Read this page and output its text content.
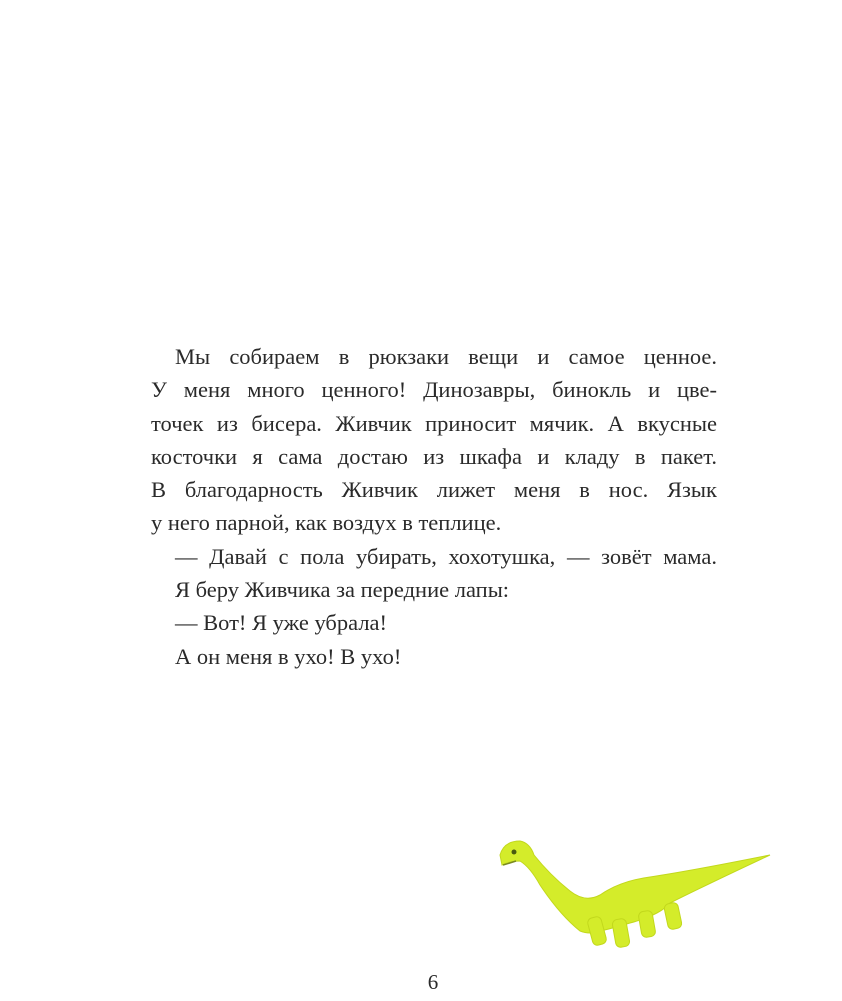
Мы собираем в рюкзаки вещи и самое ценное.
У меня много ценного! Динозавры, бинокль и цве-
точек из бисера. Живчик приносит мячик. А вкусные
косточки я сама достаю из шкафа и кладу в пакет.
В благодарность Живчик лижет меня в нос. Язык
у него парной, как воздух в теплице.
— Давай с пола убирать, хохотушка, — зовёт мама.
Я беру Живчика за передние лапы:
— Вот! Я уже убрала!
А он меня в ухо! В ухо!
6
